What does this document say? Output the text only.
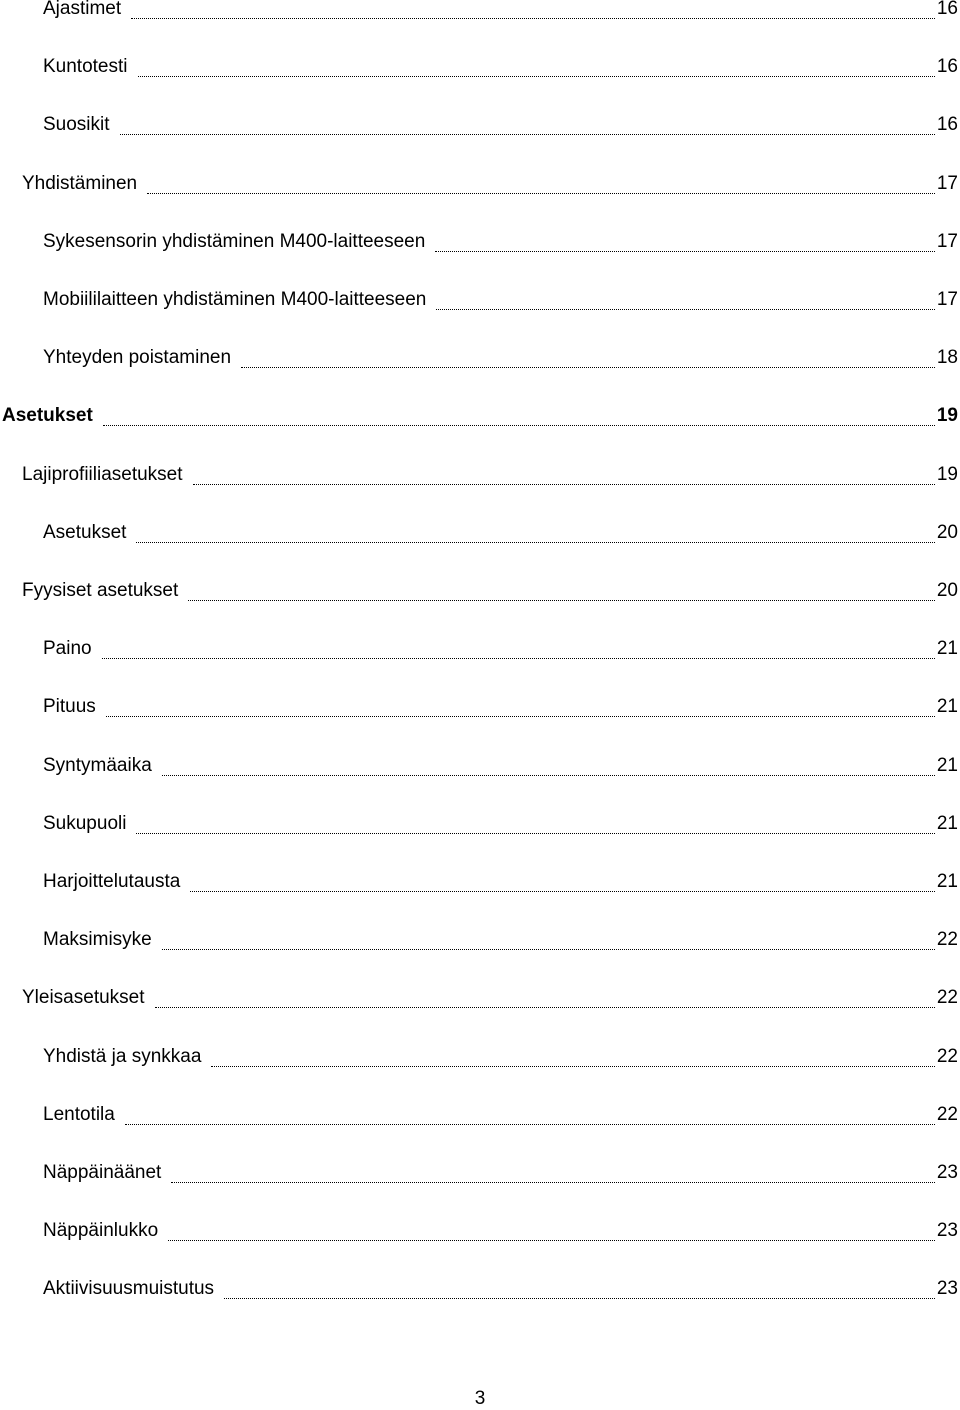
Ajastimet	16
Kuntotesti	16
Suosikit	16
Yhdistäminen	17
Sykesensorin yhdistäminen M400-laitteeseen	17
Mobiililaitteen yhdistäminen M400-laitteeseen	17
Yhteyden poistaminen	18
Asetukset	19
Lajiprofiiliasetukset	19
Asetukset	20
Fyysiset asetukset	20
Paino	21
Pituus	21
Syntymäaika	21
Sukupuoli	21
Harjoittelutausta	21
Maksimisyke	22
Yleisasetukset	22
Yhdistä ja synkkaa	22
Lentotila	22
Näppäinäänet	23
Näppäinlukko	23
Aktiivisuusmuistutus	23
3
